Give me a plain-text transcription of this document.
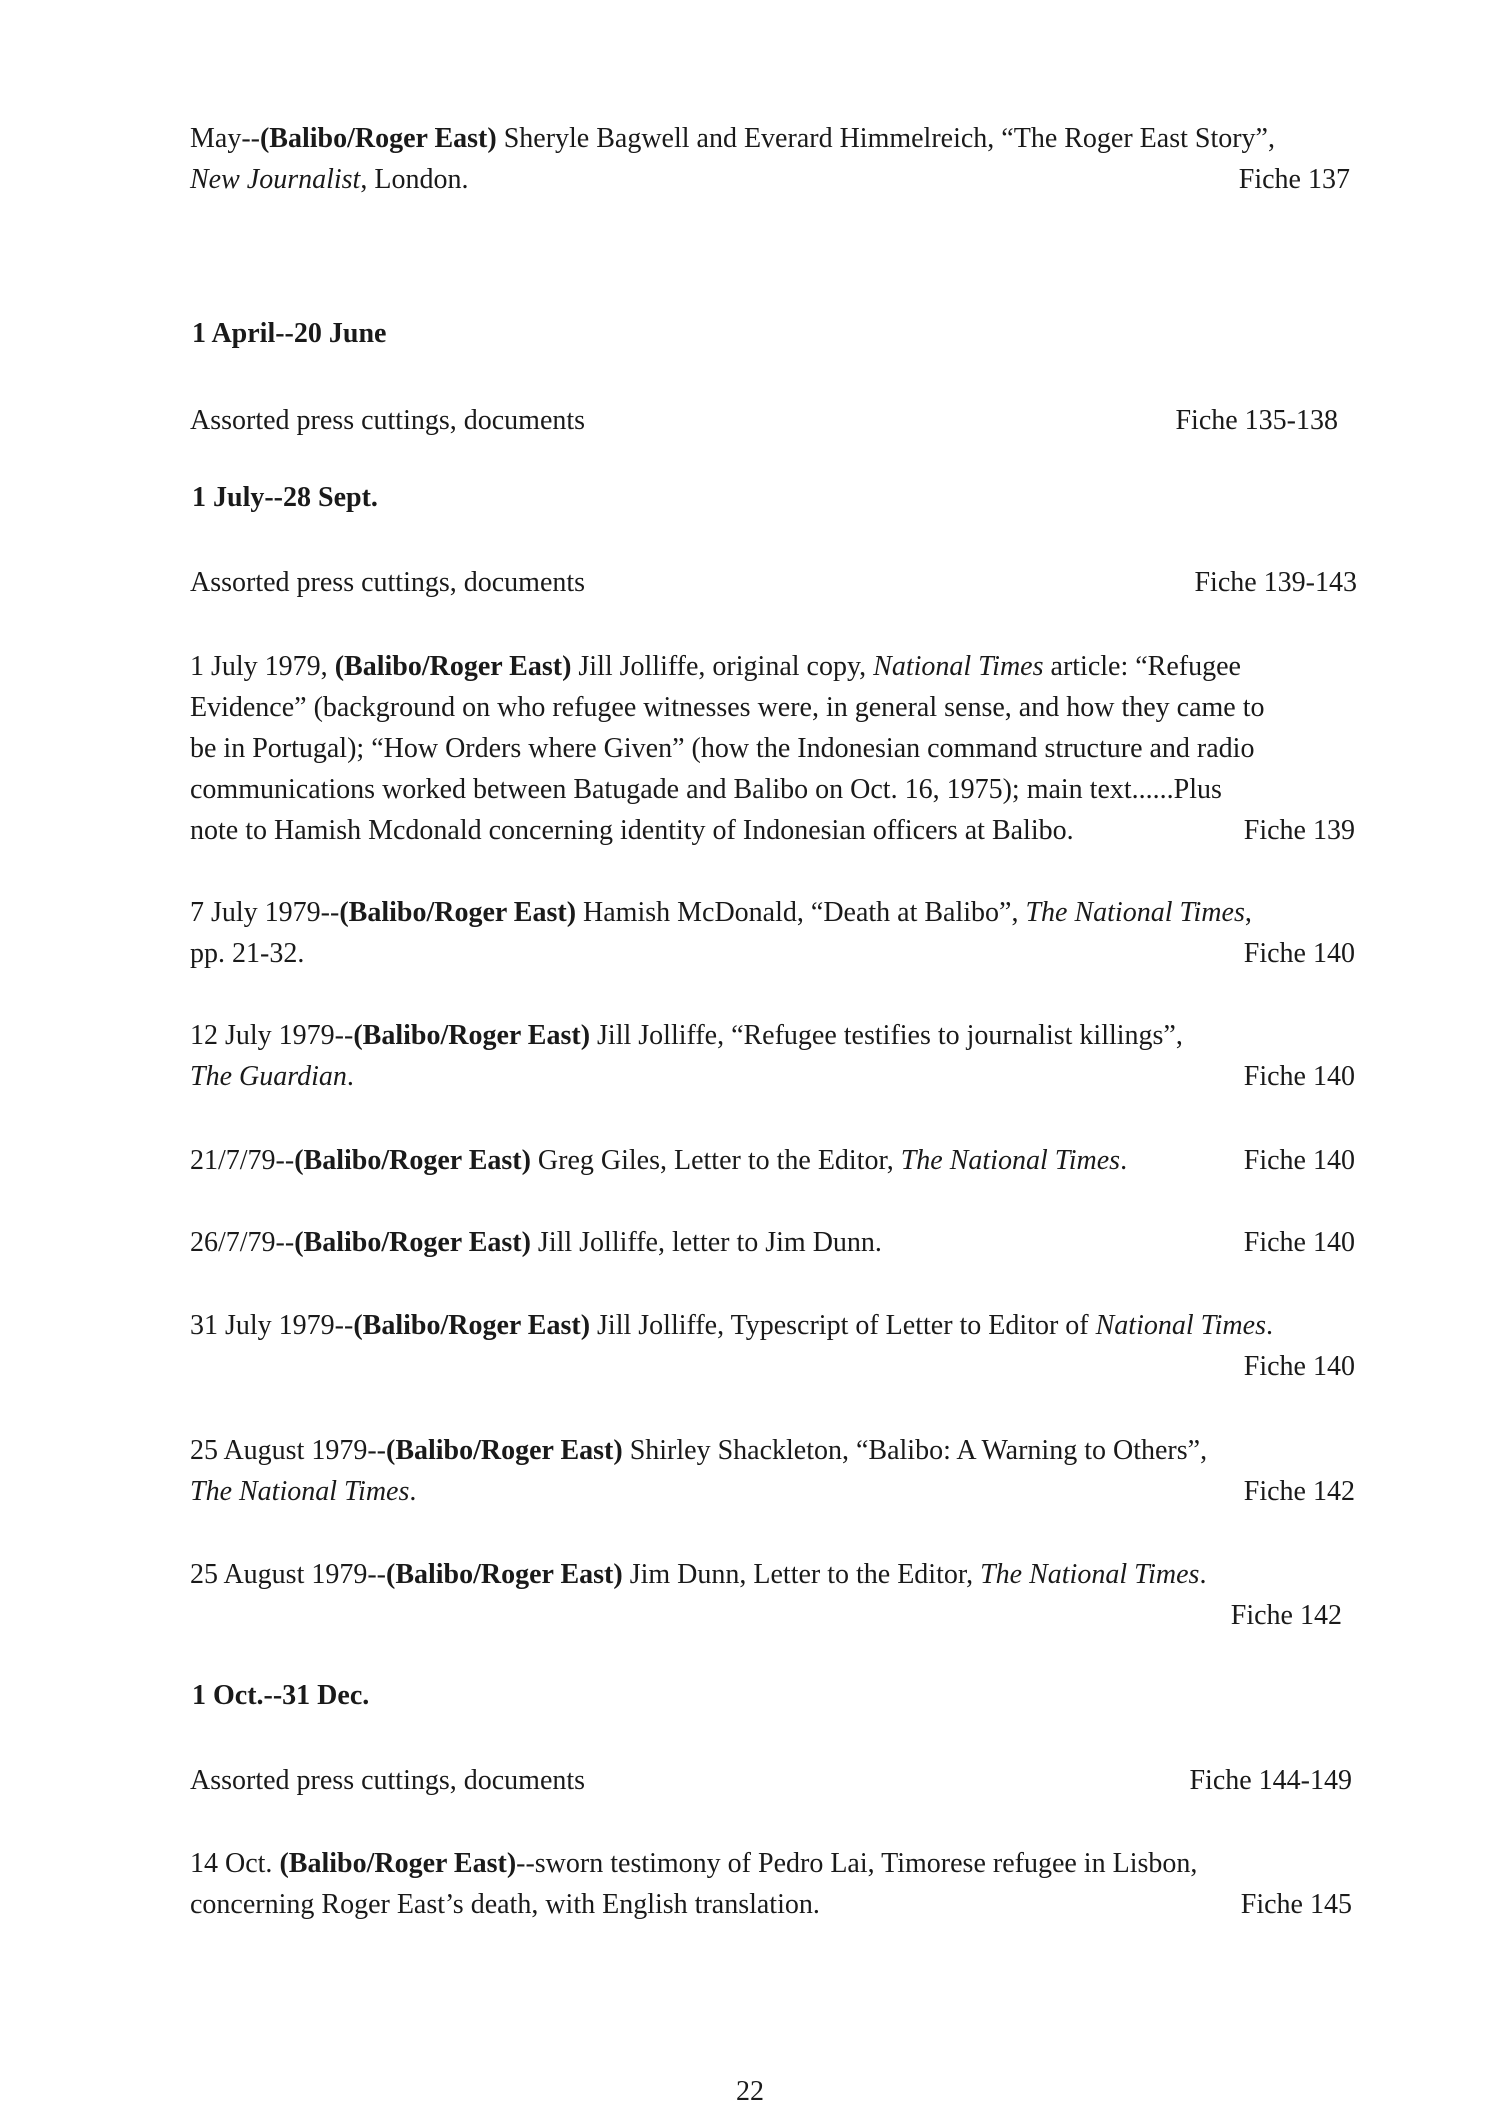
May--(Balibo/Roger East) Sheryle Bagwell and Everard Himmelreich, “The Roger East Story”,
New Journalist, London.	Fiche 137
1 April--20 June
Assorted press cuttings, documents	Fiche 135-138
1 July--28 Sept.
Assorted press cuttings, documents	Fiche 139-143
1 July 1979, (Balibo/Roger East) Jill Jolliffe, original copy, National Times article: “Refugee
Evidence” (background on who refugee witnesses were, in general sense, and how they came to
be in Portugal); “How Orders where Given” (how the Indonesian command structure and radio
communications worked between Batugade and Balibo on Oct. 16, 1975); main text......Plus
note to Hamish Mcdonald concerning identity of Indonesian officers at Balibo.	Fiche 139
7 July 1979--(Balibo/Roger East) Hamish McDonald, “Death at Balibo”, The National Times,
pp. 21-32.	Fiche 140
12 July 1979--(Balibo/Roger East) Jill Jolliffe, “Refugee testifies to journalist killings”,
The Guardian.	Fiche 140
21/7/79--(Balibo/Roger East) Greg Giles, Letter to the Editor, The National Times.	Fiche 140
26/7/79--(Balibo/Roger East) Jill Jolliffe, letter to Jim Dunn.	Fiche 140
31 July 1979--(Balibo/Roger East) Jill Jolliffe, Typescript of Letter to Editor of National Times.
Fiche 140
25 August 1979--(Balibo/Roger East) Shirley Shackleton, “Balibo: A Warning to Others”,
The National Times.	Fiche 142
25 August 1979--(Balibo/Roger East) Jim Dunn, Letter to the Editor, The National Times.
Fiche 142
1 Oct.--31 Dec.
Assorted press cuttings, documents	Fiche 144-149
14 Oct. (Balibo/Roger East)--sworn testimony of Pedro Lai, Timorese refugee in Lisbon,
concerning Roger East’s death, with English translation.	Fiche 145
22
